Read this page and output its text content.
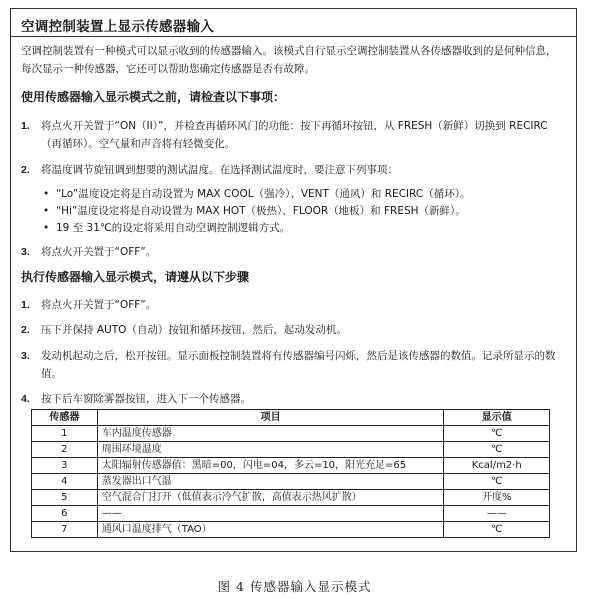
空调控制装置上显示传感器输入
空调控制装置有一种模式可以显示收到的传感器输入。该模式自行显示空调控制装置从各传感器收到的是何种信息，每次显示一种传感器，它还可以帮助您确定传感器是否有故障。
使用传感器输入显示模式之前，请检查以下事项：
1. 将点火开关置于“ON（II）”，并检查再循环风门的功能：按下再循环按钮，从 FRESH（新鲜）切换到 RECIRC（再循环）。空气量和声音将有轻微变化。
2. 将温度调节旋钮调到想要的测试温度。在选择测试温度时，要注意下列事项：
• “Lo”温度设定将是自动设置为 MAX COOL（强冷）、VENT（通风）和 RECIRC（循环）。
• “Hi”温度设定将是自动设置为 MAX HOT（极热）、FLOOR（地板）和 FRESH（新鲜）。
• 19 至 31℃的设定将采用自动空调控制逻辑方式。
3. 将点火开关置于“OFF”。
执行传感器输入显示模式，请遵从以下步骤
1. 将点火开关置于“OFF”。
2. 压下并保持 AUTO（自动）按钮和循环按钮，然后，起动发动机。
3. 发动机起动之后，松开按钮。显示面板控制装置将有传感器编号闪烁，然后是该传感器的数值。记录所显示的数值。
4. 按下后车窗除雾器按钮，进入下一个传感器。
传感器	项目	显示值
1	车内温度传感器	℃
2	周围环境温度	℃
3	太阳辐射传感器值：黑暗=00，闪电=04，多云=10，阳光充足=65	Kcal/m2·h
4	蒸发器出口气温	℃
5	空气混合门打开（低值表示冷气扩散，高值表示热风扩散）	开度%
6	——	——
7	通风口温度排气（TAO）	℃
图 4 传感器输入显示模式
